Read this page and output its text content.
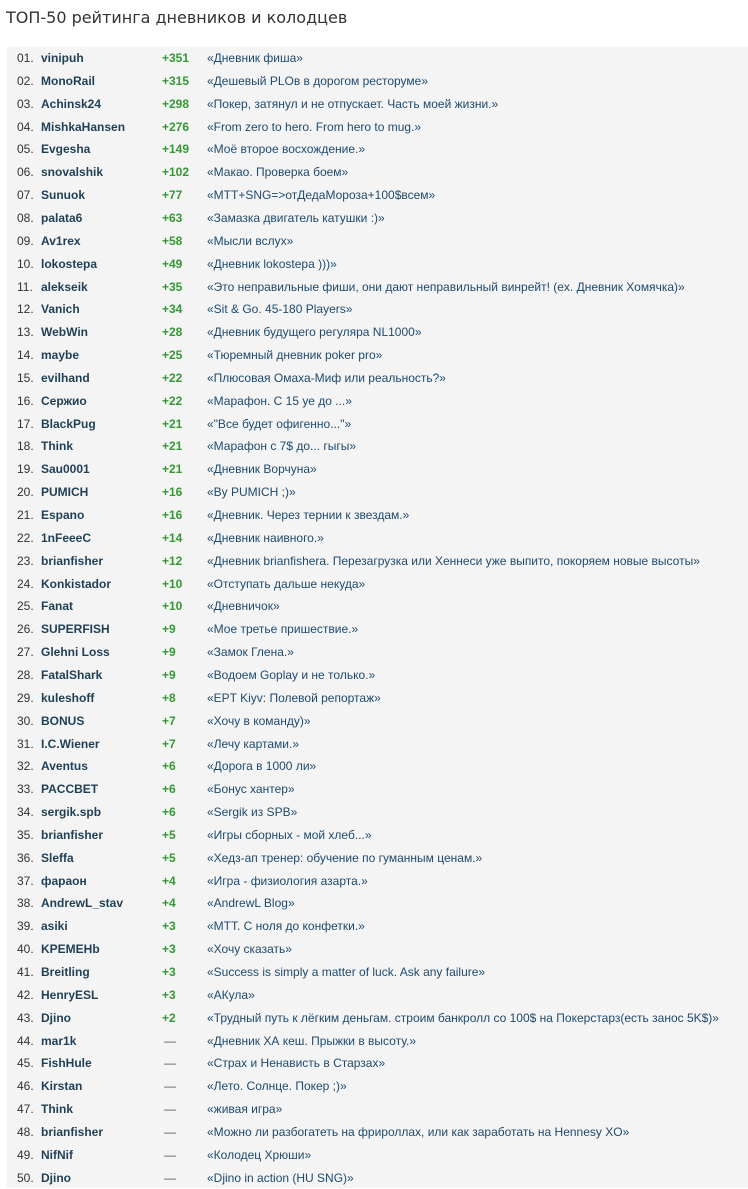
ТОП-50 рейтинга дневников и колодцев
01. vinipuh	+351 «Дневник фиша»
02. MonoRail	+315 «Дешевый PLOв в дорогом ресторуме»
03. Achinsk24	+298 «Покер, затянул и не отпускает. Часть моей жизни.»
04. MishkaHansen	+276 «From zero to hero. From hero to mug.»
05. Evgesha	+149 «Моё второе восхождение.»
06. snovalshik	+102 «Макао. Проверка боем»
07. Sunuok	+77 «MTT+SNG=>отДедаМороза+100$всем»
08. palata6	+63 «Замазка двигатель катушки :)»
09. Av1rex	+58 «Мысли вслух»
10. lokostepa	+49 «Дневник lokostepa )))»
11. alekseik	+35 «Это неправильные фиши, они дают неправильный винрейт! (ex. Дневник Хомячка)»
12. Vanich	+34 «Sit & Go. 45-180 Players»
13. WebWin	+28 «Дневник будущего регуляра NL1000»
14. maybe	+25 «Тюремный дневник poker pro»
15. evilhand	+22 «Плюсовая Омаха-Миф или реальность?»
16. Сержио	+22 «Марафон. С 15 уе до ...»
17. BlackPug	+21 «"Все будет офигенно..."»
18. Think	+21 «Марафон с 7$ до... гыгы»
19. Sau0001	+21 «Дневник Ворчуна»
20. PUMICH	+16 «By PUMICH ;)»
21. Espano	+16 «Дневник. Через тернии к звездам.»
22. 1nFeeeC	+14 «Дневник наивного.»
23. brianfisher	+12 «Дневник brianfishera. Перезагрузка или Хеннеси уже выпито, покоряем новые высоты»
24. Konkistador	+10 «Отступать дальше некуда»
25. Fanat	+10 «Дневничок»
26. SUPERFISH	+9	«Мое третье пришествие.»
27. Glehni Loss	+9	«Замок Глена.»
28. FatalShark	+9	«Водоем Goplay и не только.»
29. kuleshoff	+8	«EPT Kiyv: Полевой репортаж»
30. BONUS	+7	«Хочу в команду)»
31. I.C.Wiener	+7	«Лечу картами.»
32. Aventus	+6	«Дорога в 1000 ли»
33. PACCBET	+6	«Бонус хантер»
34. sergik.spb	+6	«Sergik из SPB»
35. brianfisher	+5	«Игры сборных - мой хлеб...»
36. Sleffa	+5	«Хедз-ап тренер: обучение по гуманным ценам.»
37. фараон	+4	«Игра - физиология азарта.»
38. AndrewL_stav	+4	«AndrewL Blog»
39. asiki	+3	«MTT. С ноля до конфетки.»
40. KPEMEHb	+3	«Хочу сказать»
41. Breitling	+3	«Success is simply a matter of luck. Ask any failure»
42. HenryESL	+3	«АКула»
43. Djino	+2	«Трудный путь к лёгким деньгам. строим банкролл со 100$ на Покерстарз(есть занос 5K$)»
44. mar1k	—	«Дневник ХА кеш. Прыжки в высоту.»
45. FishHule	—	«Страх и Ненависть в Старзах»
46. Kirstan	—	«Лето. Солнце. Покер ;)»
47. Think	—	«живая игра»
48. brianfisher	—	«Можно ли разбогатеть на фрироллах, или как заработать на Hennesy XO»
49. NifNif	—	«Колодец Хрюши»
50. Djino	—	«Djino in action (HU SNG)»
